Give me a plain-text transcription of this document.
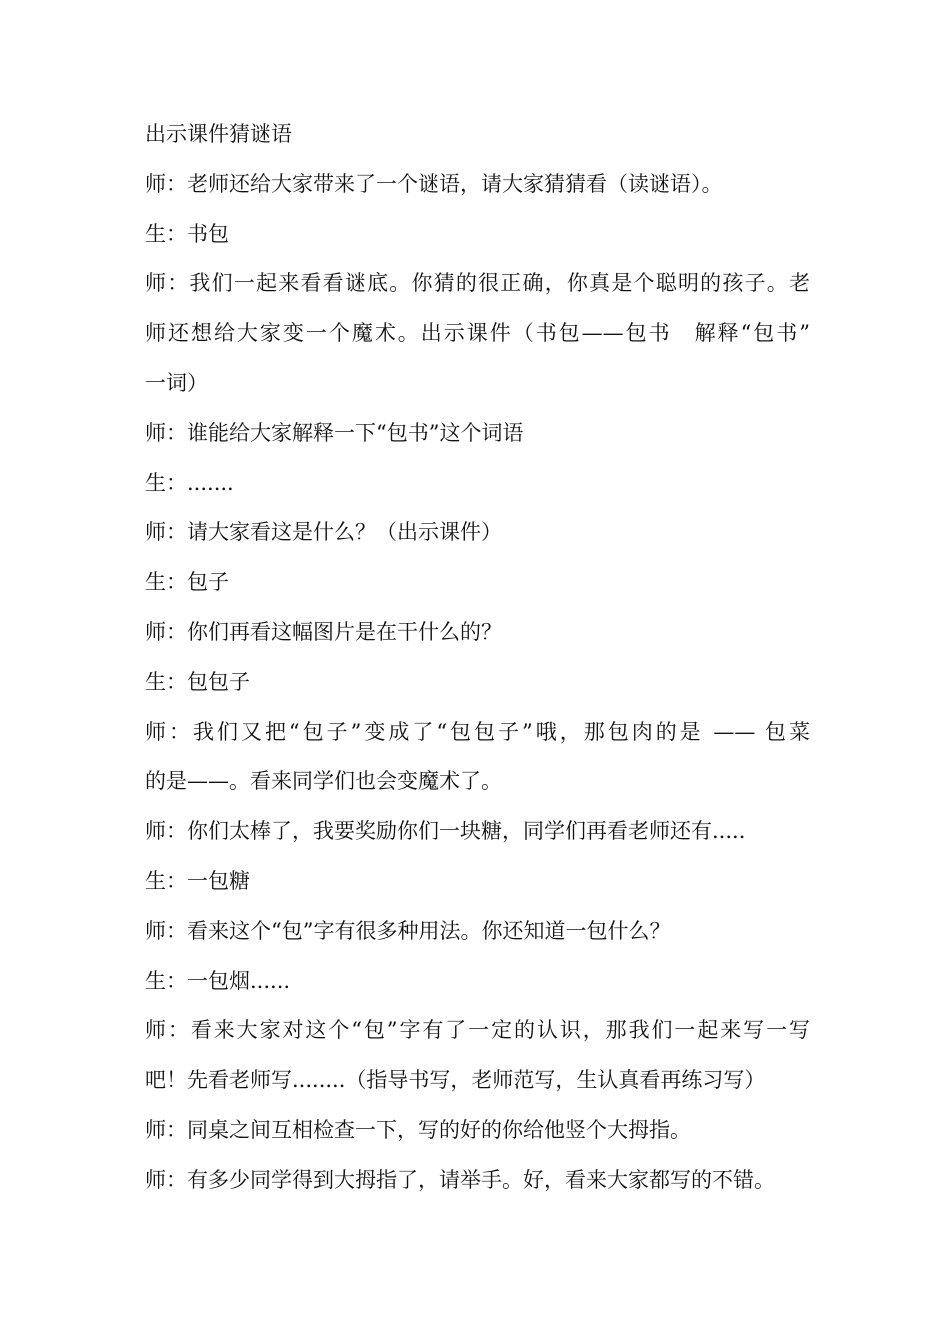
出示课件猜谜语
师：老师还给大家带来了一个谜语，请大家猜猜看（读谜语）。
生：书包
师：我们一起来看看谜底。你猜的很正确，你真是个聪明的孩子。老
师还想给大家变一个魔术。出示课件（书包——包书　解释“包书”
一词）
师：谁能给大家解释一下“包书”这个词语
生：.......
师：请大家看这是什么？（出示课件）
生：包子
师：你们再看这幅图片是在干什么的？
生：包包子
师：我们又把“包子”变成了“包包子”哦，那包肉的是 —— 包菜
的是——。看来同学们也会变魔术了。
师：你们太棒了，我要奖励你们一块糖，同学们再看老师还有.....
生：一包糖
师：看来这个“包”字有很多种用法。你还知道一包什么？
生：一包烟......
师：看来大家对这个“包”字有了一定的认识，那我们一起来写一写
吧！先看老师写........（指导书写，老师范写，生认真看再练习写）
师：同桌之间互相检查一下，写的好的你给他竖个大拇指。
师：有多少同学得到大拇指了，请举手。好，看来大家都写的不错。
